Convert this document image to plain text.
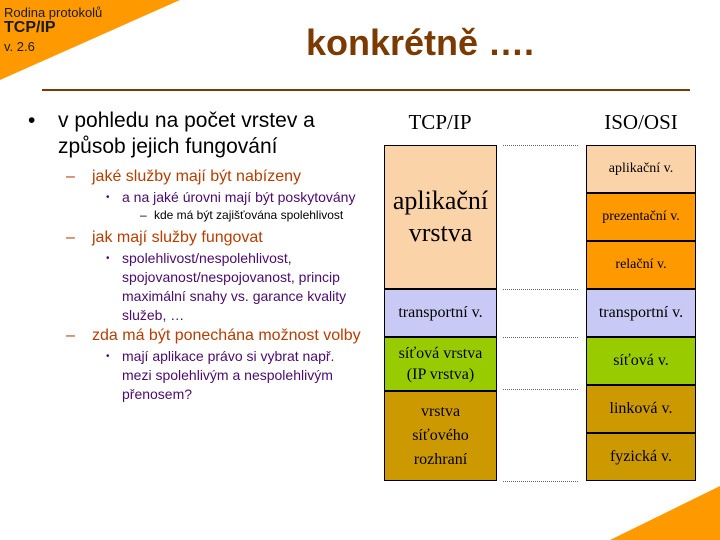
Rodina protokolů
TCP/IP
v. 2.6	konkrétně ….
• v pohledu na počet vrstev a způsob jejich fungování
– jaké služby mají být nabízeny
• a na jaké úrovni mají být poskytovány
– kde má být zajišťována spolehlivost
– jak mají služby fungovat
• spolehlivost/nespolehlivost, spojovanost/nespojovanost, princip maximální snahy vs. garance kvality služeb, …
– zda má být ponechána možnost volby
• mají aplikace právo si vybrat např. mezi spolehlivým a nespolehlivým přenosem?
TCP/IP	ISO/OSI
aplikační vrstva
transportní v.
síťová vrstva (IP vrstva)
vrstva síťového rozhraní
aplikační v.
prezentační v.
relační v.
transportní v.
síťová v.
linková v.
fyzická v.
